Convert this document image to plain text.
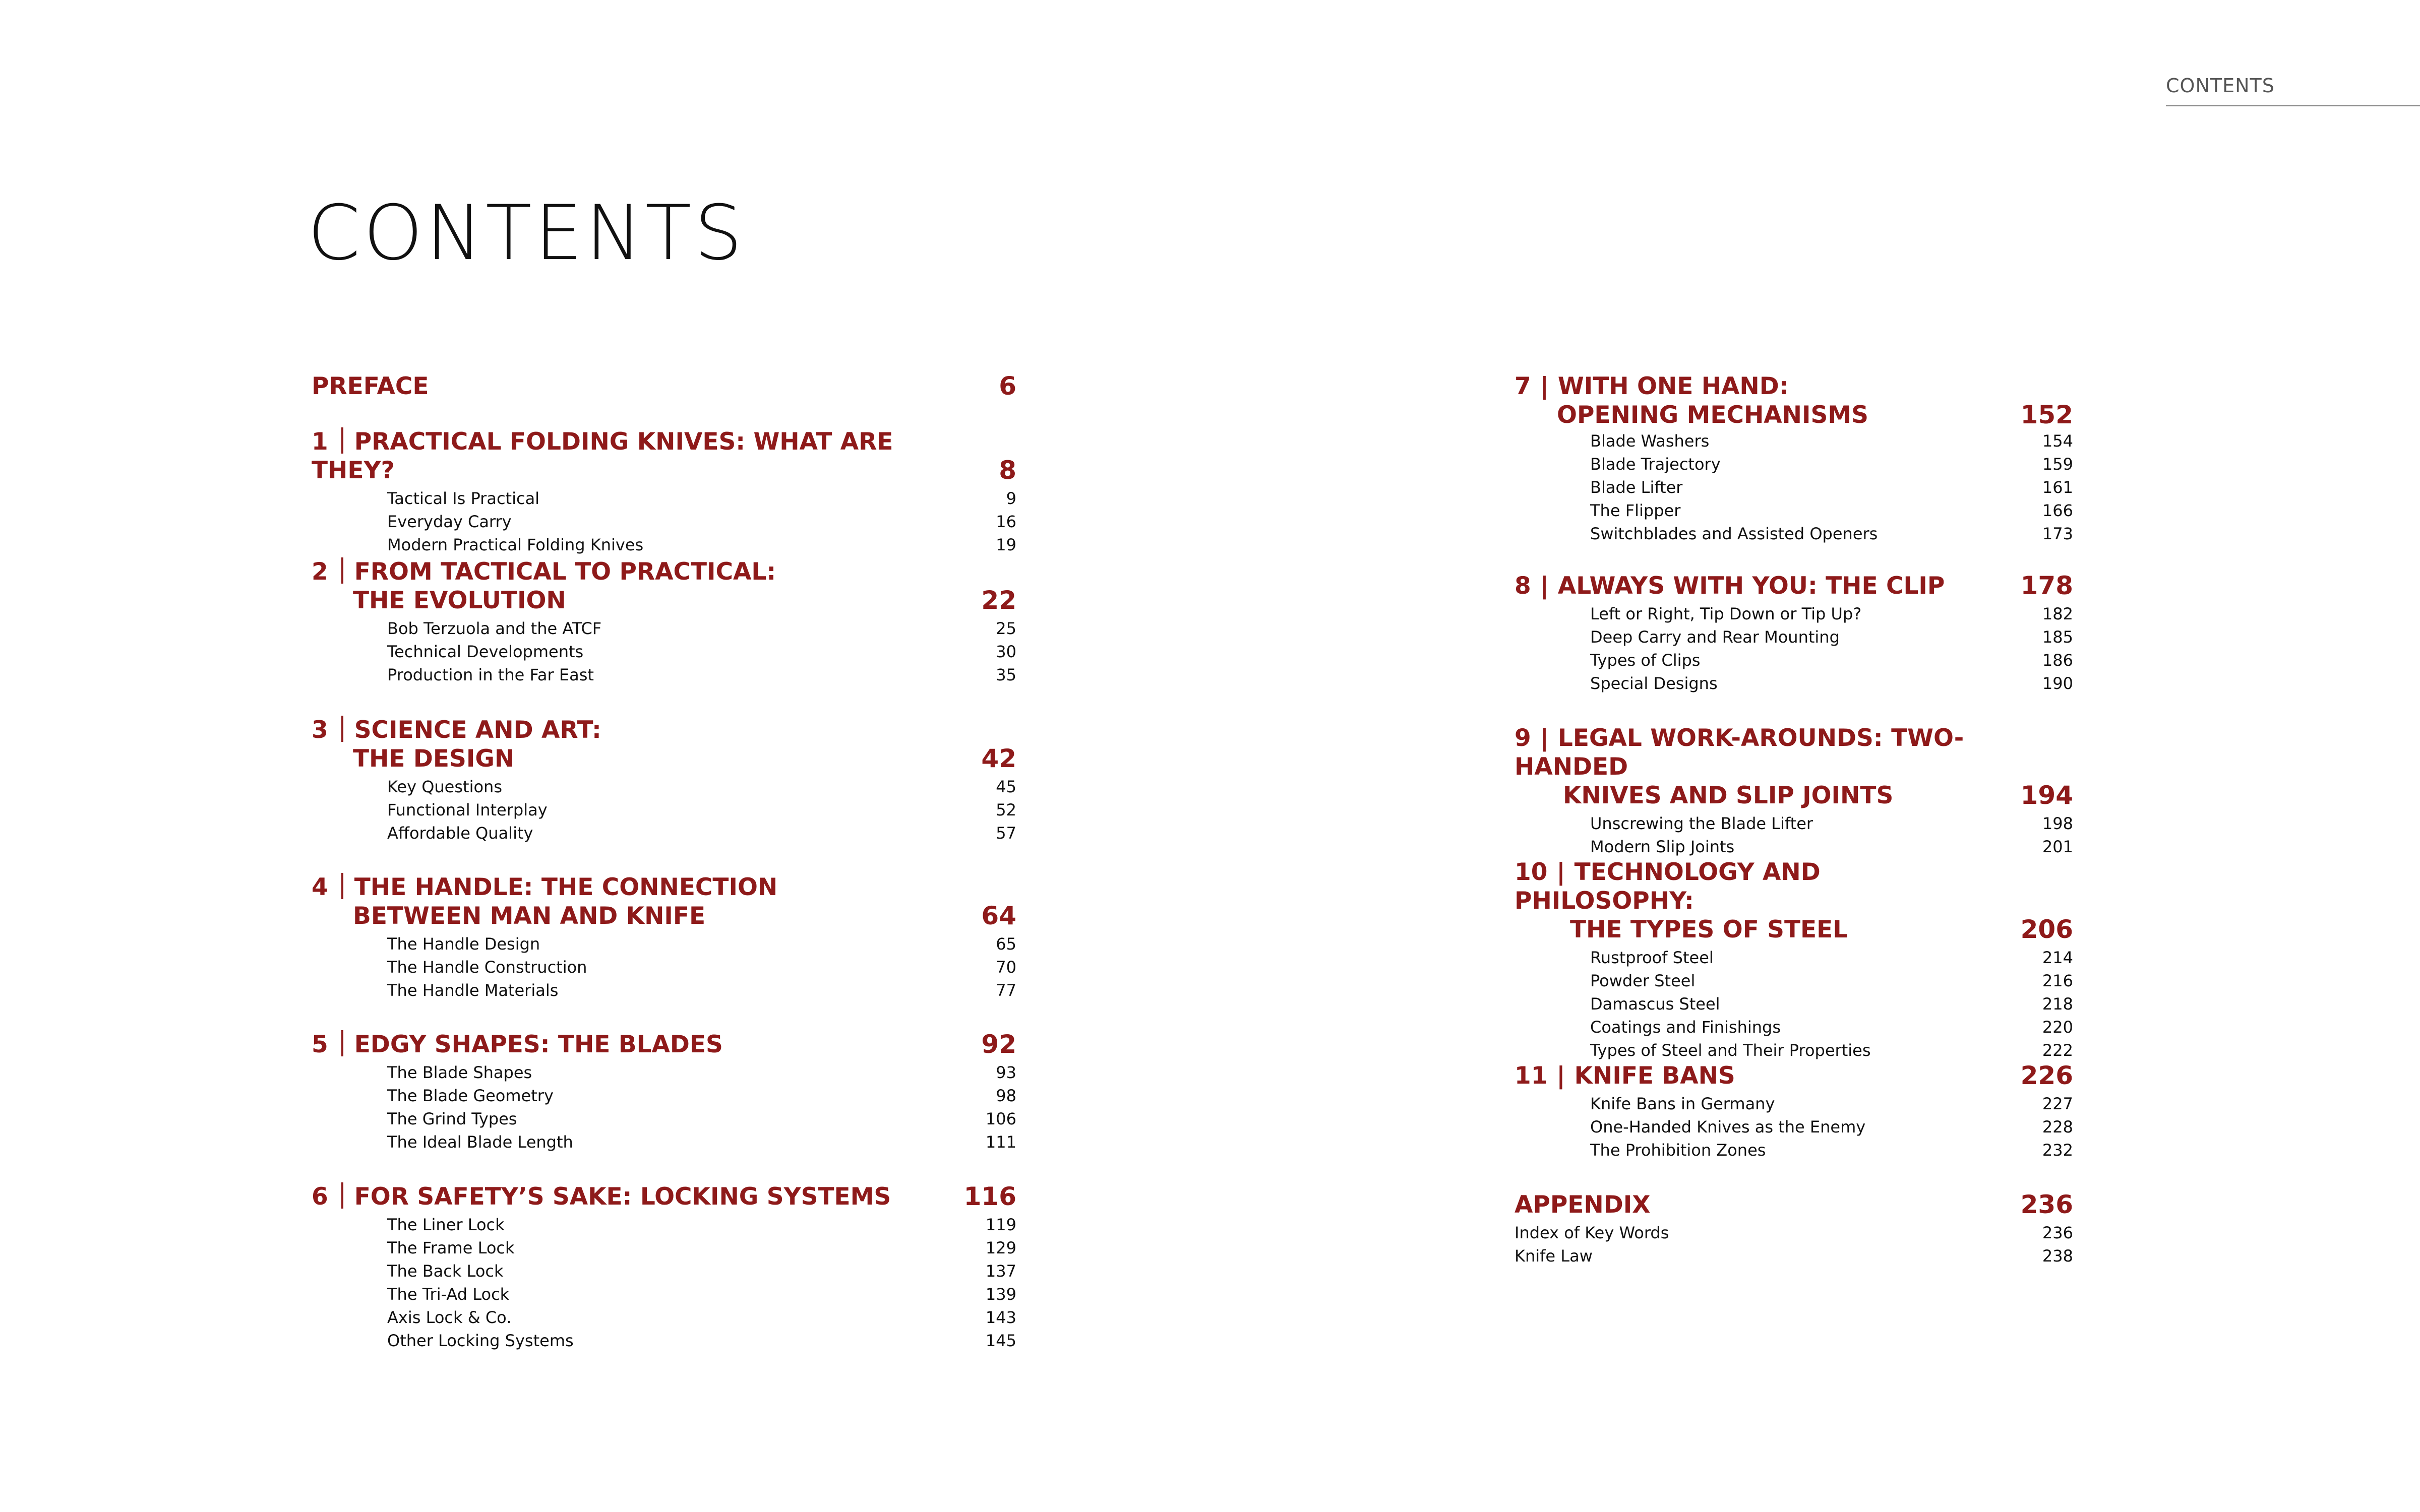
CONTENTS
CONTENTS
PREFACE	6
1 PRACTICAL FOLDING KNIVES: WHAT ARE THEY?	8
Tactical Is Practical	9
Everyday Carry	16
Modern Practical Folding Knives	19
2 FROM TACTICAL TO PRACTICAL:
THE EVOLUTION	22
Bob Terzuola and the ATCF	25
Technical Developments	30
Production in the Far East	35
3 SCIENCE AND ART:
THE DESIGN	42
Key Questions	45
Functional Interplay	52
Affordable Quality	57
4 THE HANDLE: THE CONNECTION
BETWEEN MAN AND KNIFE	64
The Handle Design	65
The Handle Construction	70
The Handle Materials	77
5 EDGY SHAPES: THE BLADES	92
The Blade Shapes	93
The Blade Geometry	98
The Grind Types	106
The Ideal Blade Length	111
6 FOR SAFETY’S SAKE: LOCKING SYSTEMS	116
The Liner Lock	119
The Frame Lock	129
The Back Lock	137
The Tri-Ad Lock	139
Axis Lock & Co.	143
Other Locking Systems	145
7 | WITH ONE HAND:
OPENING MECHANISMS	152
Blade Washers	154
Blade Trajectory	159
Blade Lifter	161
The Flipper	166
Switchblades and Assisted Openers	173
8 | ALWAYS WITH YOU: THE CLIP	178
Left or Right, Tip Down or Tip Up?	182
Deep Carry and Rear Mounting	185
Types of Clips	186
Special Designs	190
9 | LEGAL WORK-AROUNDS: TWO-HANDED
KNIVES AND SLIP JOINTS	194
Unscrewing the Blade Lifter	198
Modern Slip Joints	201
10 | TECHNOLOGY AND PHILOSOPHY:
THE TYPES OF STEEL	206
Rustproof Steel	214
Powder Steel	216
Damascus Steel	218
Coatings and Finishings	220
Types of Steel and Their Properties	222
11 | KNIFE BANS	226
Knife Bans in Germany	227
One-Handed Knives as the Enemy	228
The Prohibition Zones	232
APPENDIX	236
Index of Key Words	236
Knife Law	238
